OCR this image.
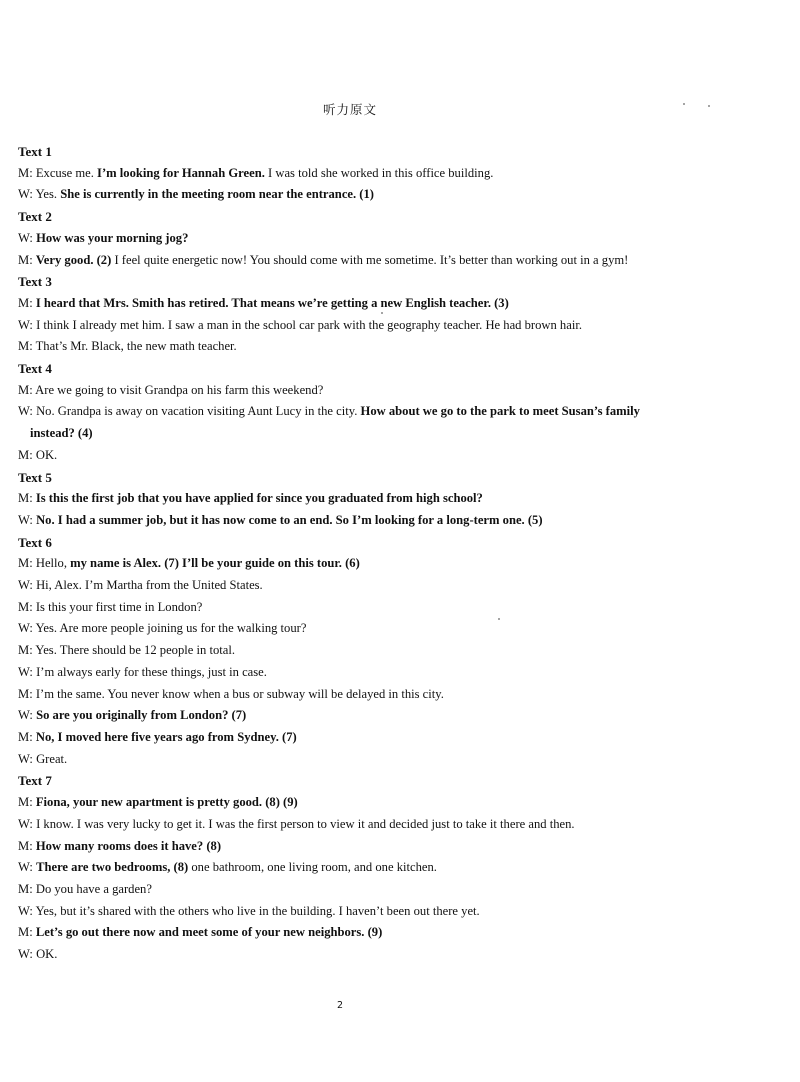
听力原文
Text 1
M: Excuse me. I’m looking for Hannah Green. I was told she worked in this office building.
W: Yes. She is currently in the meeting room near the entrance. (1)
Text 2
W: How was your morning jog?
M: Very good. (2) I feel quite energetic now! You should come with me sometime. It’s better than working out in a gym!
Text 3
M: I heard that Mrs. Smith has retired. That means we’re getting a new English teacher. (3)
W: I think I already met him. I saw a man in the school car park with the geography teacher. He had brown hair.
M: That’s Mr. Black, the new math teacher.
Text 4
M: Are we going to visit Grandpa on his farm this weekend?
W: No. Grandpa is away on vacation visiting Aunt Lucy in the city. How about we go to the park to meet Susan’s family instead? (4)
M: OK.
Text 5
M: Is this the first job that you have applied for since you graduated from high school?
W: No. I had a summer job, but it has now come to an end. So I’m looking for a long-term one. (5)
Text 6
M: Hello, my name is Alex. (7) I’ll be your guide on this tour. (6)
W: Hi, Alex. I’m Martha from the United States.
M: Is this your first time in London?
W: Yes. Are more people joining us for the walking tour?
M: Yes. There should be 12 people in total.
W: I’m always early for these things, just in case.
M: I’m the same. You never know when a bus or subway will be delayed in this city.
W: So are you originally from London? (7)
M: No, I moved here five years ago from Sydney. (7)
W: Great.
Text 7
M: Fiona, your new apartment is pretty good. (8) (9)
W: I know. I was very lucky to get it. I was the first person to view it and decided just to take it there and then.
M: How many rooms does it have? (8)
W: There are two bedrooms, (8) one bathroom, one living room, and one kitchen.
M: Do you have a garden?
W: Yes, but it’s shared with the others who live in the building. I haven’t been out there yet.
M: Let’s go out there now and meet some of your new neighbors. (9)
W: OK.
2
